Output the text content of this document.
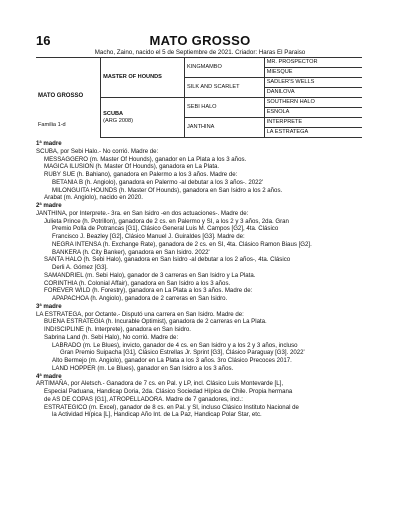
16	MATO GROSSO
Macho, Zaino, nacido el 5 de Septiembre de 2021. Criador: Haras El Paraiso
MATO GROSSO
Familia 1-d	MASTER OF HOUNDS	KINGMAMBO	MR. PROSPECTOR
			MIESQUE
		SILK AND SCARLET	SADLER'S WELLS
			DANILOVA
	SCUBA
(ARG 2008)	SEBI HALO	SOUTHERN HALO
			ESNOLA
		JANTHINA	INTERPRETE
			LA ESTRATEGA
1ª madre
SCUBA, por Sebi Halo.- No corrió. Madre de:
MESSAGGERO (m. Master Of Hounds), ganador en La Plata a los 3 años.
MAGICA ILUSION (h. Master Of Hounds), ganadora en La Plata.
RUBY SUE (h. Bahiano), ganadora en Palermo a los 3 años. Madre de:
BETANIA B (h. Angiolo), ganadora en Palermo -al debutar a los 3 años-. 2022'
MILONGUITA HOUNDS (h. Master Of Hounds), ganadora en San Isidro a los 2 años.
Arabat (m. Angiolo), nacido en 2020.
2ª madre
JANTHINA, por Interprete.- 3ra. en San Isidro -en dos actuaciones-. Madre de:
Julieta Prince (h. Potrillon), ganadora de 2 cs. en Palermo y SI, a los 2 y 3 años, 2da. Gran
Premio Polla de Potrancas [G1], Clásico General Luis M. Campos [G2], 4ta. Clásico
Francisco J. Beazley [G2], Clásico Manuel J. Guiraldes [G3]. Madre de:
NEGRA INTENSA (h. Exchange Rate), ganadora de 2 cs. en SI, 4ta. Clásico Ramon Biaus [G2].
BANKERA (h. City Banker), ganadora en San Isidro. 2022'
SANTA HALO (h. Sebi Halo), ganadora en San Isidro -al debutar a los 2 años-, 4ta. Clásico
Derli A. Gómez [G3].
SAMANDRIEL (m. Sebi Halo), ganador de 3 carreras en San Isidro y La Plata.
CORINTHIA (h. Colonial Affair), ganadora en San Isidro a los 3 años.
FOREVER WILD (h. Forestry), ganadora en La Plata a los 3 años. Madre de:
APAPACHOA (h. Angiolo), ganadora de 2 carreras en San Isidro.
3ª madre
LA ESTRATEGA, por Octante.- Disputó una carrera en San Isidro. Madre de:
BUENA ESTRATEGIA (h. Incurable Optimist), ganadora de 2 carreras en La Plata.
INDISCIPLINE (h. Interprete), ganadora en San Isidro.
Sabrina Land (h. Sebi Halo), No corrió. Madre de:
LABRADO (m. Le Blues), invicto, ganador de 4 cs. en San Isidro y a los 2 y 3 años, incluso
Gran Premio Suipacha [G1], Clásico Estrellas Jr. Sprint [G3], Clásico Paraguay [G3]. 2022'
Alto Bermejo (m. Angiolo), ganador en La Plata a los 3 años. 3ro Clásico Precoces 2017.
LAND HOPPER (m. Le Blues), ganador en San Isidro a los 3 años.
4ª madre
ARTIMAÑA, por Aletsch.- Ganadora de 7 cs. en Pal. y LP, incl. Clásico Luis Montevarde [L],
Especial Paduana, Handicap Doria, 2da. Clásico Sociedad Hípica de Chile. Propia hermana
de AS DE COPAS [G1], ATROPELLADORA. Madre de 7 ganadores, incl.:
ESTRATEGICO (m. Excel), ganador de 8 cs. en Pal. y SI, incluso Clásico Instituto Nacional de
la Actividad Hípica [L], Handicap Año Int. de La Paz, Handicap Polar Star, etc.
